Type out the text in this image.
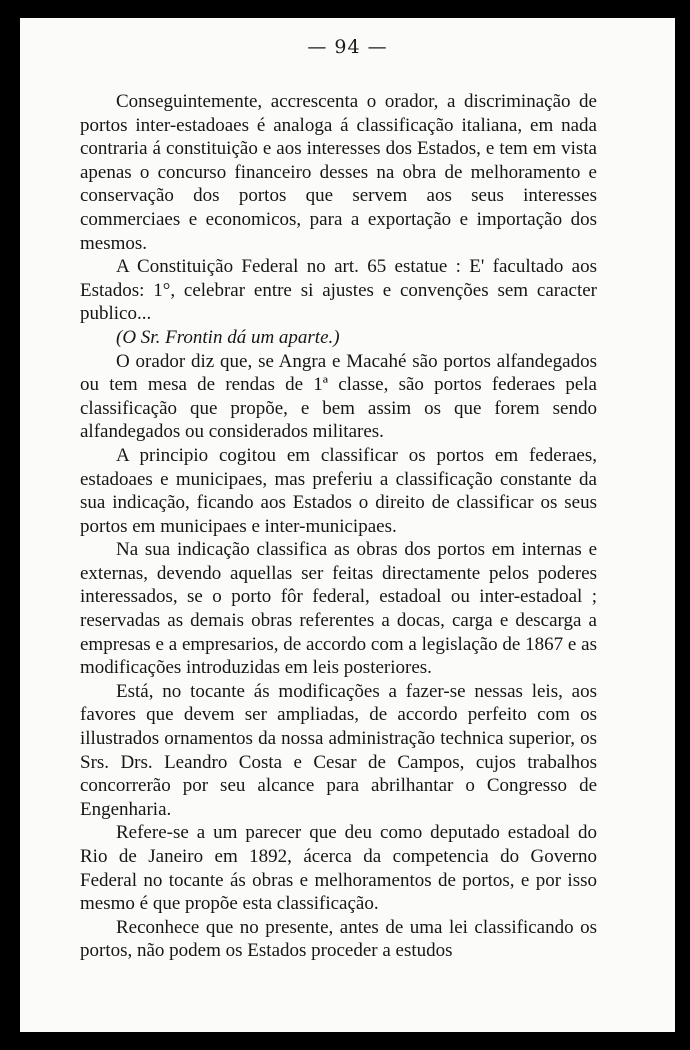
— 94 —

Conseguintemente, accrescenta o orador, a discriminação de portos inter-estadoaes é analoga á classificação italiana, em nada contraria á constituição e aos interesses dos Estados, e tem em vista apenas o concurso financeiro desses na obra de melhoramento e conservação dos portos que servem aos seus interesses commerciaes e economicos, para a exportação e importação dos mesmos.

A Constituição Federal no art. 65 estatue : E' facultado aos Estados: 1°, celebrar entre si ajustes e convenções sem caracter publico...

(O Sr. Frontin dá um aparte.)

O orador diz que, se Angra e Macahé são portos alfandegados ou tem mesa de rendas de 1ª classe, são portos federaes pela classificação que propõe, e bem assim os que forem sendo alfandegados ou considerados militares.

A principio cogitou em classificar os portos em federaes, estadoaes e municipaes, mas preferiu a classificação constante da sua indicação, ficando aos Estados o direito de classificar os seus portos em municipaes e inter-municipaes.

Na sua indicação classifica as obras dos portos em internas e externas, devendo aquellas ser feitas directamente pelos poderes interessados, se o porto fôr federal, estadoal ou inter-estadoal ; reservadas as demais obras referentes a docas, carga e descarga a empresas e a empresarios, de accordo com a legislação de 1867 e as modificações introduzidas em leis posteriores.

Está, no tocante ás modificações a fazer-se nessas leis, aos favores que devem ser ampliadas, de accordo perfeito com os illustrados ornamentos da nossa administração technica superior, os Srs. Drs. Leandro Costa e Cesar de Campos, cujos trabalhos concorrerão por seu alcance para abrilhantar o Congresso de Engenharia.

Refere-se a um parecer que deu como deputado estadoal do Rio de Janeiro em 1892, ácerca da competencia do Governo Federal no tocante ás obras e melhoramentos de portos, e por isso mesmo é que propõe esta classificação.

Reconhece que no presente, antes de uma lei classificando os portos, não podem os Estados proceder a estudos
